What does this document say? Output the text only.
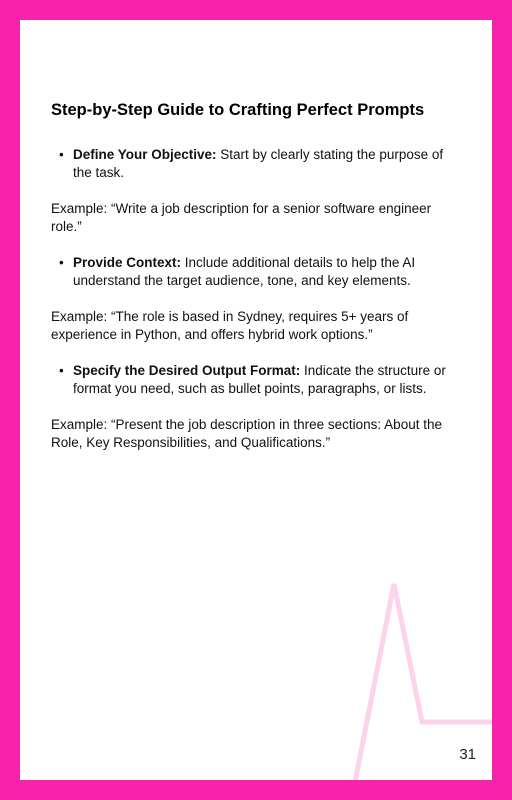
Step-by-Step Guide to Crafting Perfect Prompts
• Define Your Objective: Start by clearly stating the purpose of the task.
Example: “Write a job description for a senior software engineer role.”
• Provide Context: Include additional details to help the AI understand the target audience, tone, and key elements.
Example: “The role is based in Sydney, requires 5+ years of experience in Python, and offers hybrid work options.”
• Specify the Desired Output Format: Indicate the structure or format you need, such as bullet points, paragraphs, or lists.
Example: “Present the job description in three sections: About the Role, Key Responsibilities, and Qualifications.”
31
